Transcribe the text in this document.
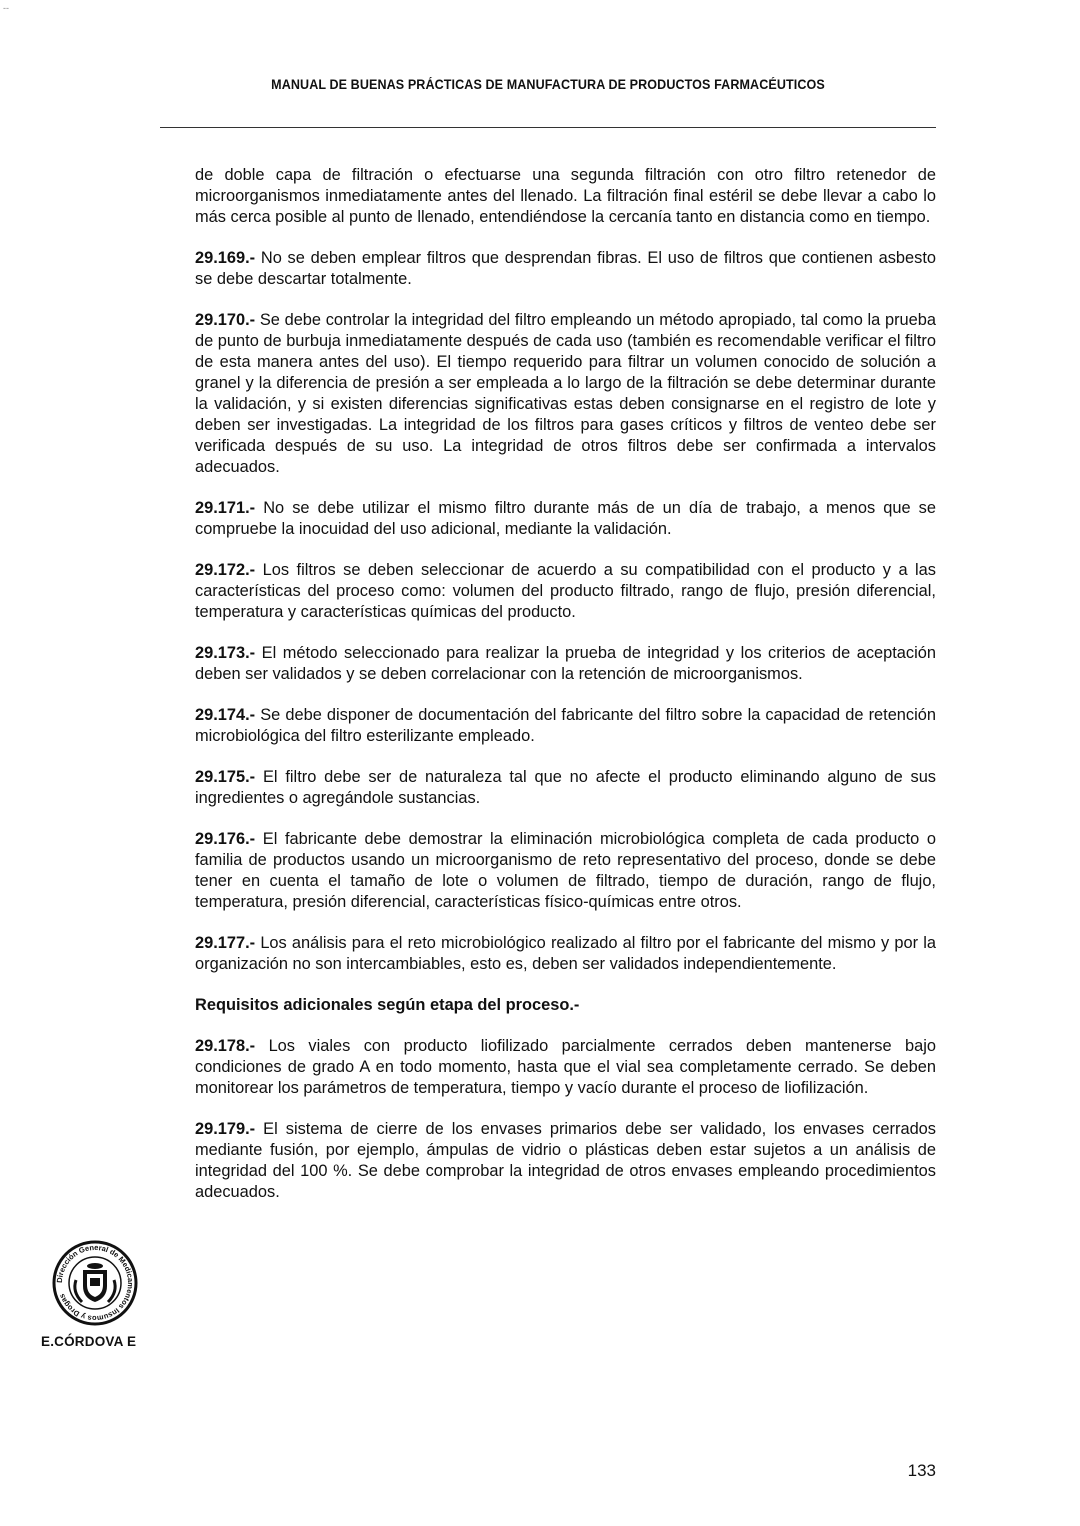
--
MANUAL DE BUENAS PRÁCTICAS DE MANUFACTURA DE PRODUCTOS FARMACÉUTICOS

de doble capa de filtración o efectuarse una segunda filtración con otro filtro retenedor de microorganismos inmediatamente antes del llenado. La filtración final estéril se debe llevar a cabo lo más cerca posible al punto de llenado, entendiéndose la cercanía tanto en distancia como en tiempo.

29.169.- No se deben emplear filtros que desprendan fibras. El uso de filtros que contienen asbesto se debe descartar totalmente.

29.170.- Se debe controlar la integridad del filtro empleando un método apropiado, tal como la prueba de punto de burbuja inmediatamente después de cada uso (también es recomendable verificar el filtro de esta manera antes del uso). El tiempo requerido para filtrar un volumen conocido de solución a granel y la diferencia de presión a ser empleada a lo largo de la filtración se debe determinar durante la validación, y si existen diferencias significativas estas deben consignarse en el registro de lote y deben ser investigadas. La integridad de los filtros para gases críticos y filtros de venteo debe ser verificada después de su uso. La integridad de otros filtros debe ser confirmada a intervalos adecuados.

29.171.- No se debe utilizar el mismo filtro durante más de un día de trabajo, a menos que se compruebe la inocuidad del uso adicional, mediante la validación.

29.172.- Los filtros se deben seleccionar de acuerdo a su compatibilidad con el producto y a las características del proceso como: volumen del producto filtrado, rango de flujo, presión diferencial, temperatura y características químicas del producto.

29.173.- El método seleccionado para realizar la prueba de integridad y los criterios de aceptación deben ser validados y se deben correlacionar con la retención de microorganismos.

29.174.- Se debe disponer de documentación del fabricante del filtro sobre la capacidad de retención microbiológica del filtro esterilizante empleado.

29.175.- El filtro debe ser de naturaleza tal que no afecte el producto eliminando alguno de sus ingredientes o agregándole sustancias.

29.176.- El fabricante debe demostrar la eliminación microbiológica completa de cada producto o familia de productos usando un microorganismo de reto representativo del proceso, donde se debe tener en cuenta el tamaño de lote o volumen de filtrado, tiempo de duración, rango de flujo, temperatura, presión diferencial, características físico-químicas entre otros.

29.177.- Los análisis para el reto microbiológico realizado al filtro por el fabricante del mismo y por la organización no son intercambiables, esto es, deben ser validados independientemente.

Requisitos adicionales según etapa del proceso.-

29.178.- Los viales con producto liofilizado parcialmente cerrados deben mantenerse bajo condiciones de grado A en todo momento, hasta que el vial sea completamente cerrado. Se deben monitorear los parámetros de temperatura, tiempo y vacío durante el proceso de liofilización.

29.179.- El sistema de cierre de los envases primarios debe ser validado, los envases cerrados mediante fusión, por ejemplo, ámpulas de vidrio o plásticas deben estar sujetos a un análisis de integridad del 100 %. Se debe comprobar la integridad de otros envases empleando procedimientos adecuados.

Dirección General de Medicamentos Insumos y Drogas
E.CÓRDOVA E
133
